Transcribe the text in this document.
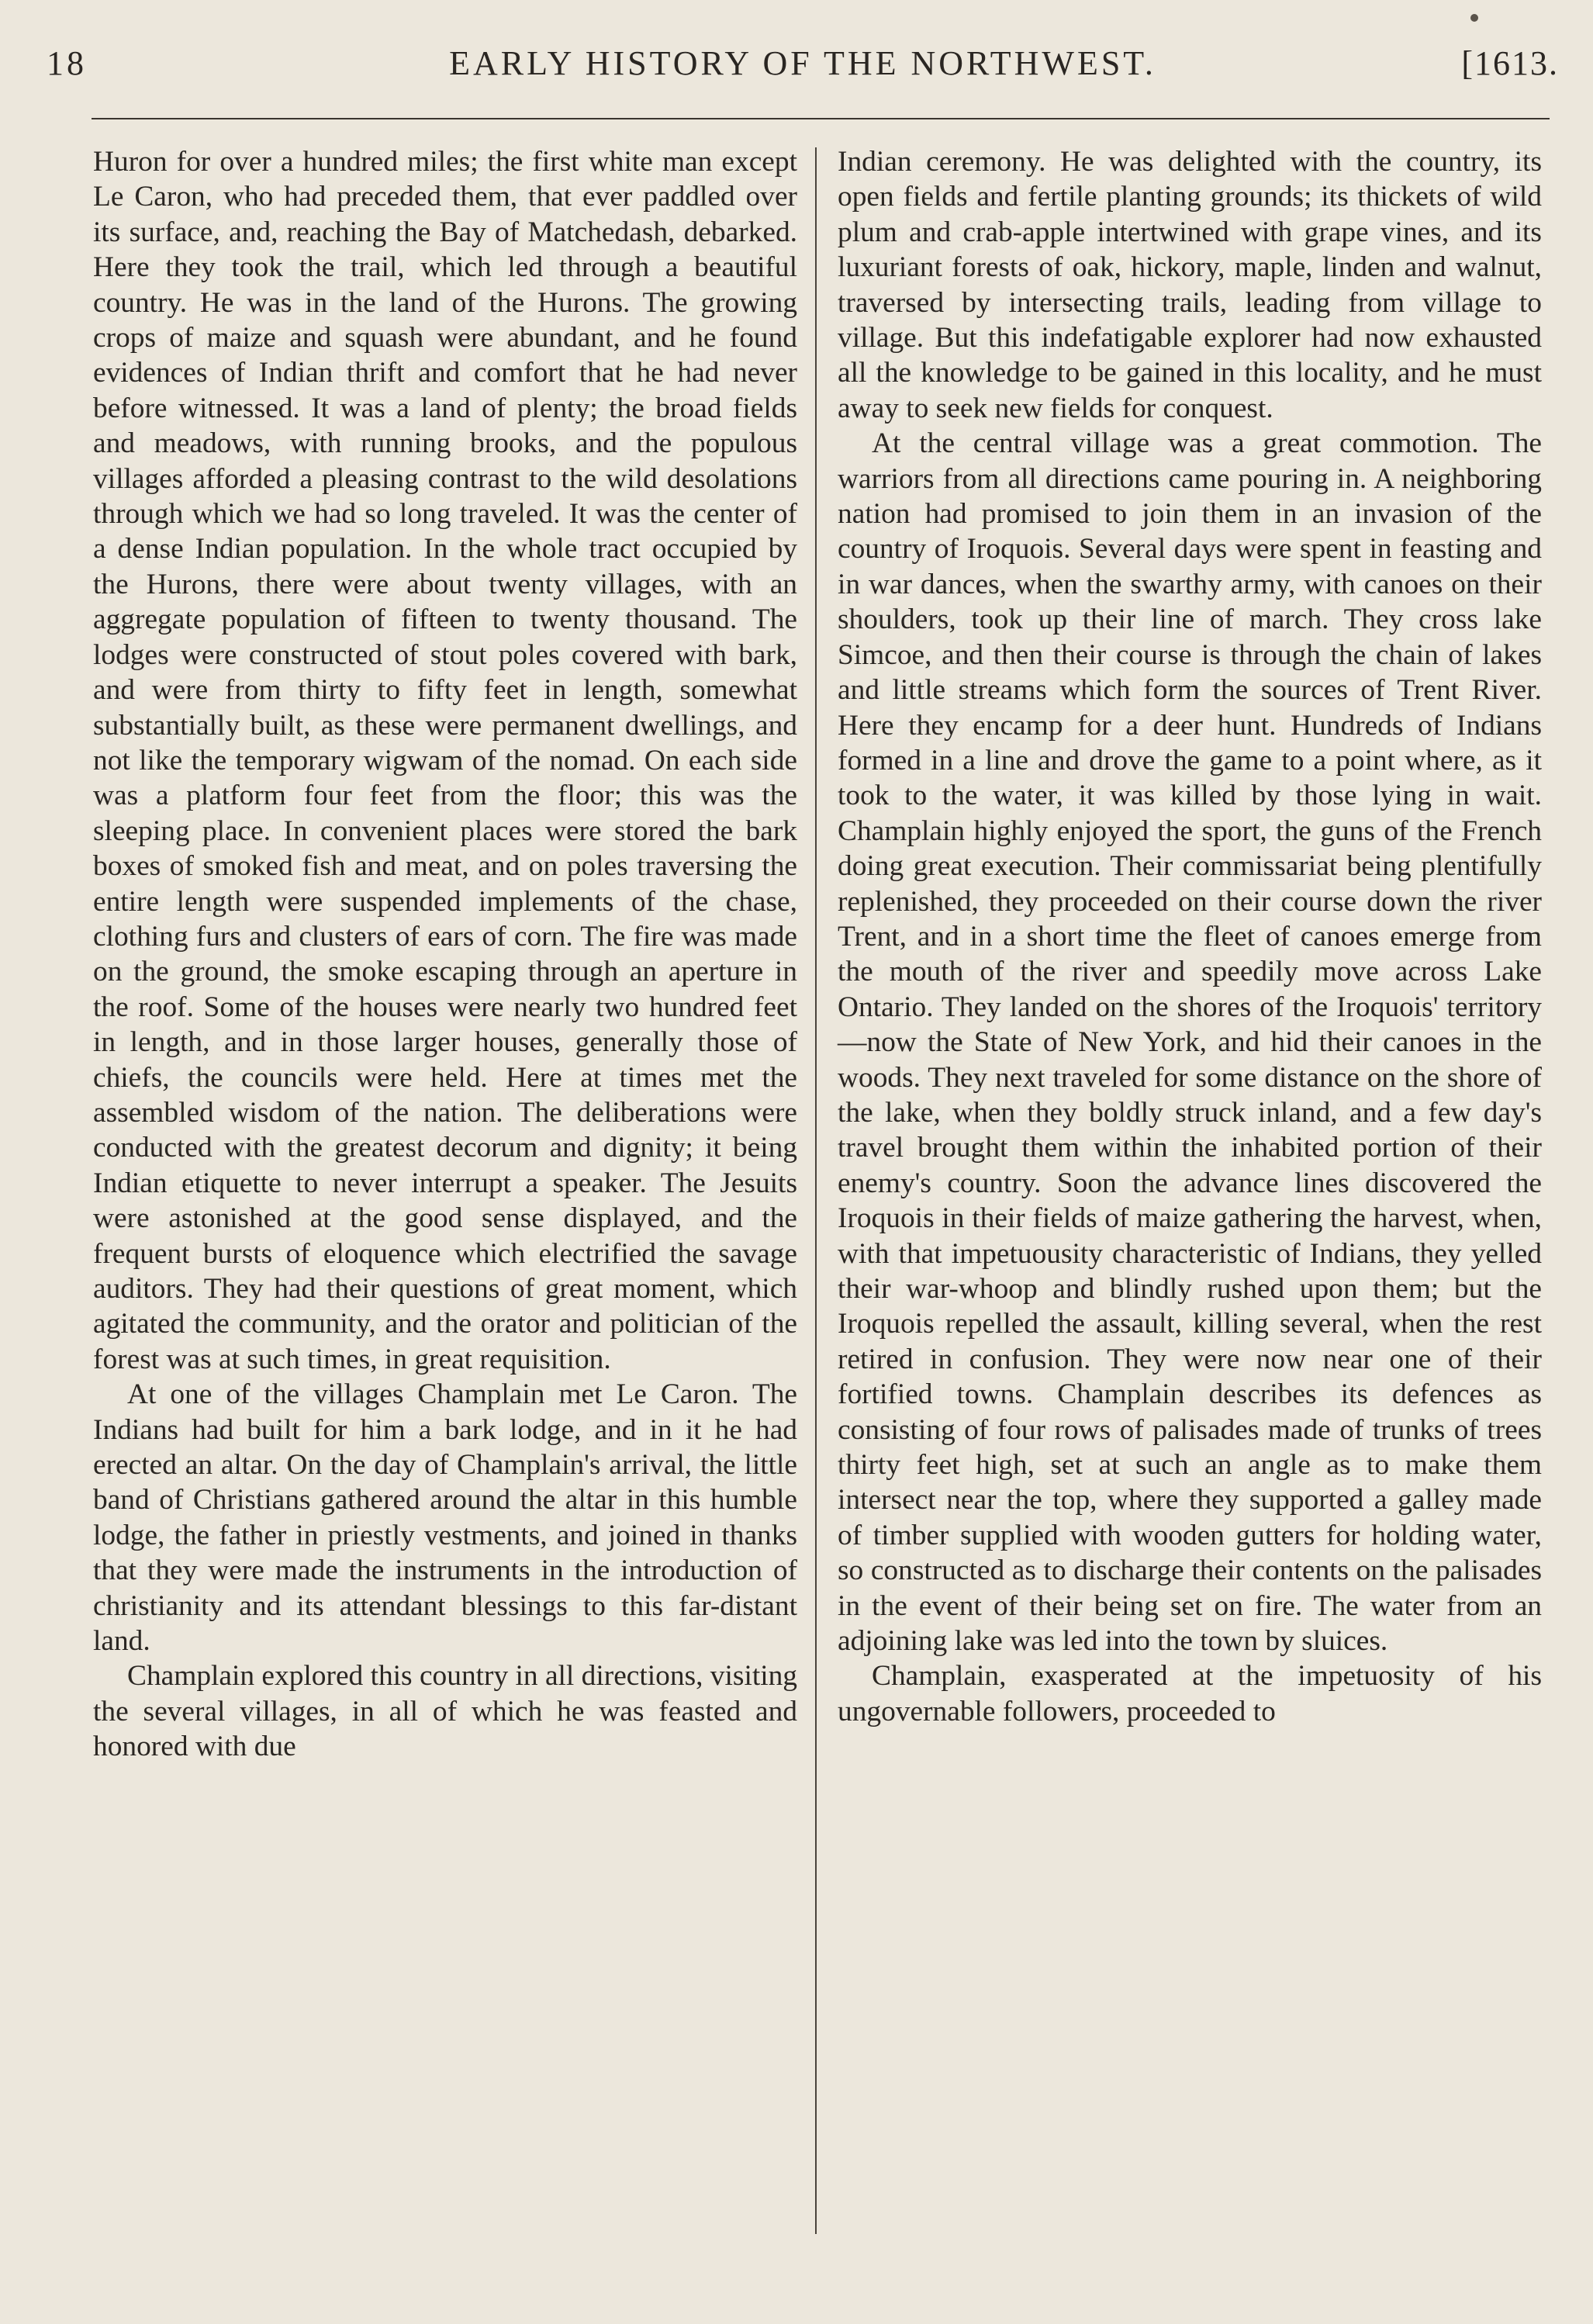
18	EARLY HISTORY OF THE NORTHWEST.	[1613.

Huron for over a hundred miles; the first white man except Le Caron, who had preceded them, that ever paddled over its surface, and, reaching the Bay of Matchedash, debarked. Here they took the trail, which led through a beautiful country. He was in the land of the Hurons. The growing crops of maize and squash were abundant, and he found evidences of Indian thrift and comfort that he had never before witnessed. It was a land of plenty; the broad fields and meadows, with running brooks, and the populous villages afforded a pleasing contrast to the wild desolations through which we had so long traveled. It was the center of a dense Indian population. In the whole tract occupied by the Hurons, there were about twenty villages, with an aggregate population of fifteen to twenty thousand. The lodges were constructed of stout poles covered with bark, and were from thirty to fifty feet in length, somewhat substantially built, as these were permanent dwellings, and not like the temporary wigwam of the nomad. On each side was a platform four feet from the floor; this was the sleeping place. In convenient places were stored the bark boxes of smoked fish and meat, and on poles traversing the entire length were suspended implements of the chase, clothing furs and clusters of ears of corn. The fire was made on the ground, the smoke escaping through an aperture in the roof. Some of the houses were nearly two hundred feet in length, and in those larger houses, generally those of chiefs, the councils were held. Here at times met the assembled wisdom of the nation. The deliberations were conducted with the greatest decorum and dignity; it being Indian etiquette to never interrupt a speaker. The Jesuits were astonished at the good sense displayed, and the frequent bursts of eloquence which electrified the savage auditors. They had their questions of great moment, which agitated the community, and the orator and politician of the forest was at such times, in great requisition.

At one of the villages Champlain met Le Caron. The Indians had built for him a bark lodge, and in it he had erected an altar. On the day of Champlain's arrival, the little band of Christians gathered around the altar in this humble lodge, the father in priestly vestments, and joined in thanks that they were made the instruments in the introduction of christianity and its attendant blessings to this far-distant land.

Champlain explored this country in all directions, visiting the several villages, in all of which he was feasted and honored with due

Indian ceremony. He was delighted with the country, its open fields and fertile planting grounds; its thickets of wild plum and crab-apple intertwined with grape vines, and its luxuriant forests of oak, hickory, maple, linden and walnut, traversed by intersecting trails, leading from village to village. But this indefatigable explorer had now exhausted all the knowledge to be gained in this locality, and he must away to seek new fields for conquest.

At the central village was a great commotion. The warriors from all directions came pouring in. A neighboring nation had promised to join them in an invasion of the country of Iroquois. Several days were spent in feasting and in war dances, when the swarthy army, with canoes on their shoulders, took up their line of march. They cross lake Simcoe, and then their course is through the chain of lakes and little streams which form the sources of Trent River. Here they encamp for a deer hunt. Hundreds of Indians formed in a line and drove the game to a point where, as it took to the water, it was killed by those lying in wait. Champlain highly enjoyed the sport, the guns of the French doing great execution. Their commissariat being plentifully replenished, they proceeded on their course down the river Trent, and in a short time the fleet of canoes emerge from the mouth of the river and speedily move across Lake Ontario. They landed on the shores of the Iroquois' territory—now the State of New York, and hid their canoes in the woods. They next traveled for some distance on the shore of the lake, when they boldly struck inland, and a few day's travel brought them within the inhabited portion of their enemy's country. Soon the advance lines discovered the Iroquois in their fields of maize gathering the harvest, when, with that impetuousity characteristic of Indians, they yelled their war-whoop and blindly rushed upon them; but the Iroquois repelled the assault, killing several, when the rest retired in confusion. They were now near one of their fortified towns. Champlain describes its defences as consisting of four rows of palisades made of trunks of trees thirty feet high, set at such an angle as to make them intersect near the top, where they supported a galley made of timber supplied with wooden gutters for holding water, so constructed as to discharge their contents on the palisades in the event of their being set on fire. The water from an adjoining lake was led into the town by sluices.

Champlain, exasperated at the impetuosity of his ungovernable followers, proceeded to
